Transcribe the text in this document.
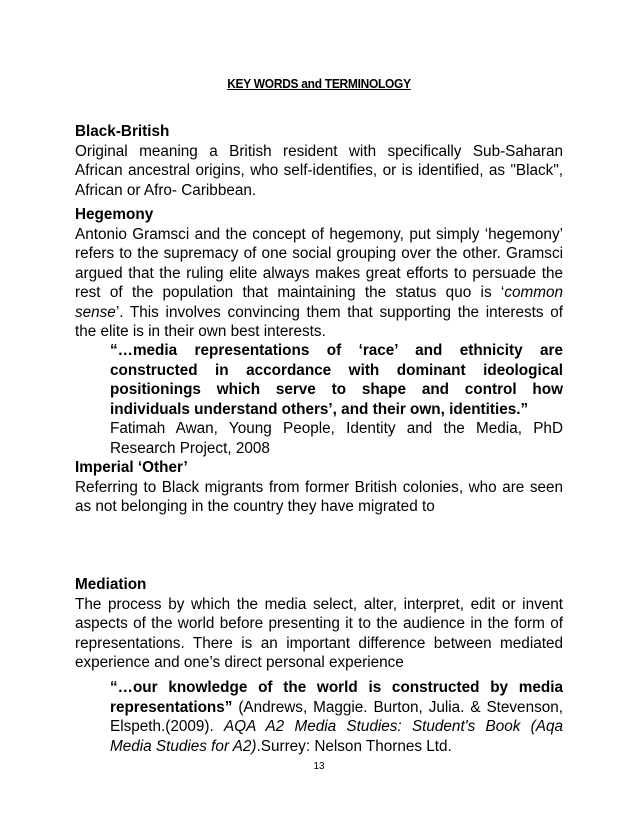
KEY WORDS and TERMINOLOGY

Black-British

Original meaning a British resident with specifically Sub-Saharan African ancestral origins, who self-identifies, or is identified, as "Black", African or Afro- Caribbean.

Hegemony

Antonio Gramsci and the concept of hegemony, put simply ‘hegemony’ refers to the supremacy of one social grouping over the other. Gramsci argued that the ruling elite always makes great efforts to persuade the rest of the population that maintaining the status quo is ‘common sense’. This involves convincing them that supporting the interests of the elite is in their own best interests.

“…media representations of ‘race’ and ethnicity are constructed in accordance with dominant ideological positionings which serve to shape and control how individuals understand others’, and their own, identities.”

Fatimah Awan, Young People, Identity and the Media, PhD Research Project, 2008

Imperial ‘Other’

Referring to Black migrants from former British colonies, who are seen as not belonging in the country they have migrated to

Mediation

The process by which the media select, alter, interpret, edit or invent aspects of the world before presenting it to the audience in the form of representations. There is an important difference between mediated experience and one’s direct personal experience

“…our knowledge of the world is constructed by media representations” (Andrews, Maggie. Burton, Julia. & Stevenson, Elspeth.(2009). AQA A2 Media Studies: Student's Book (Aqa Media Studies for A2).Surrey: Nelson Thornes Ltd.

13
